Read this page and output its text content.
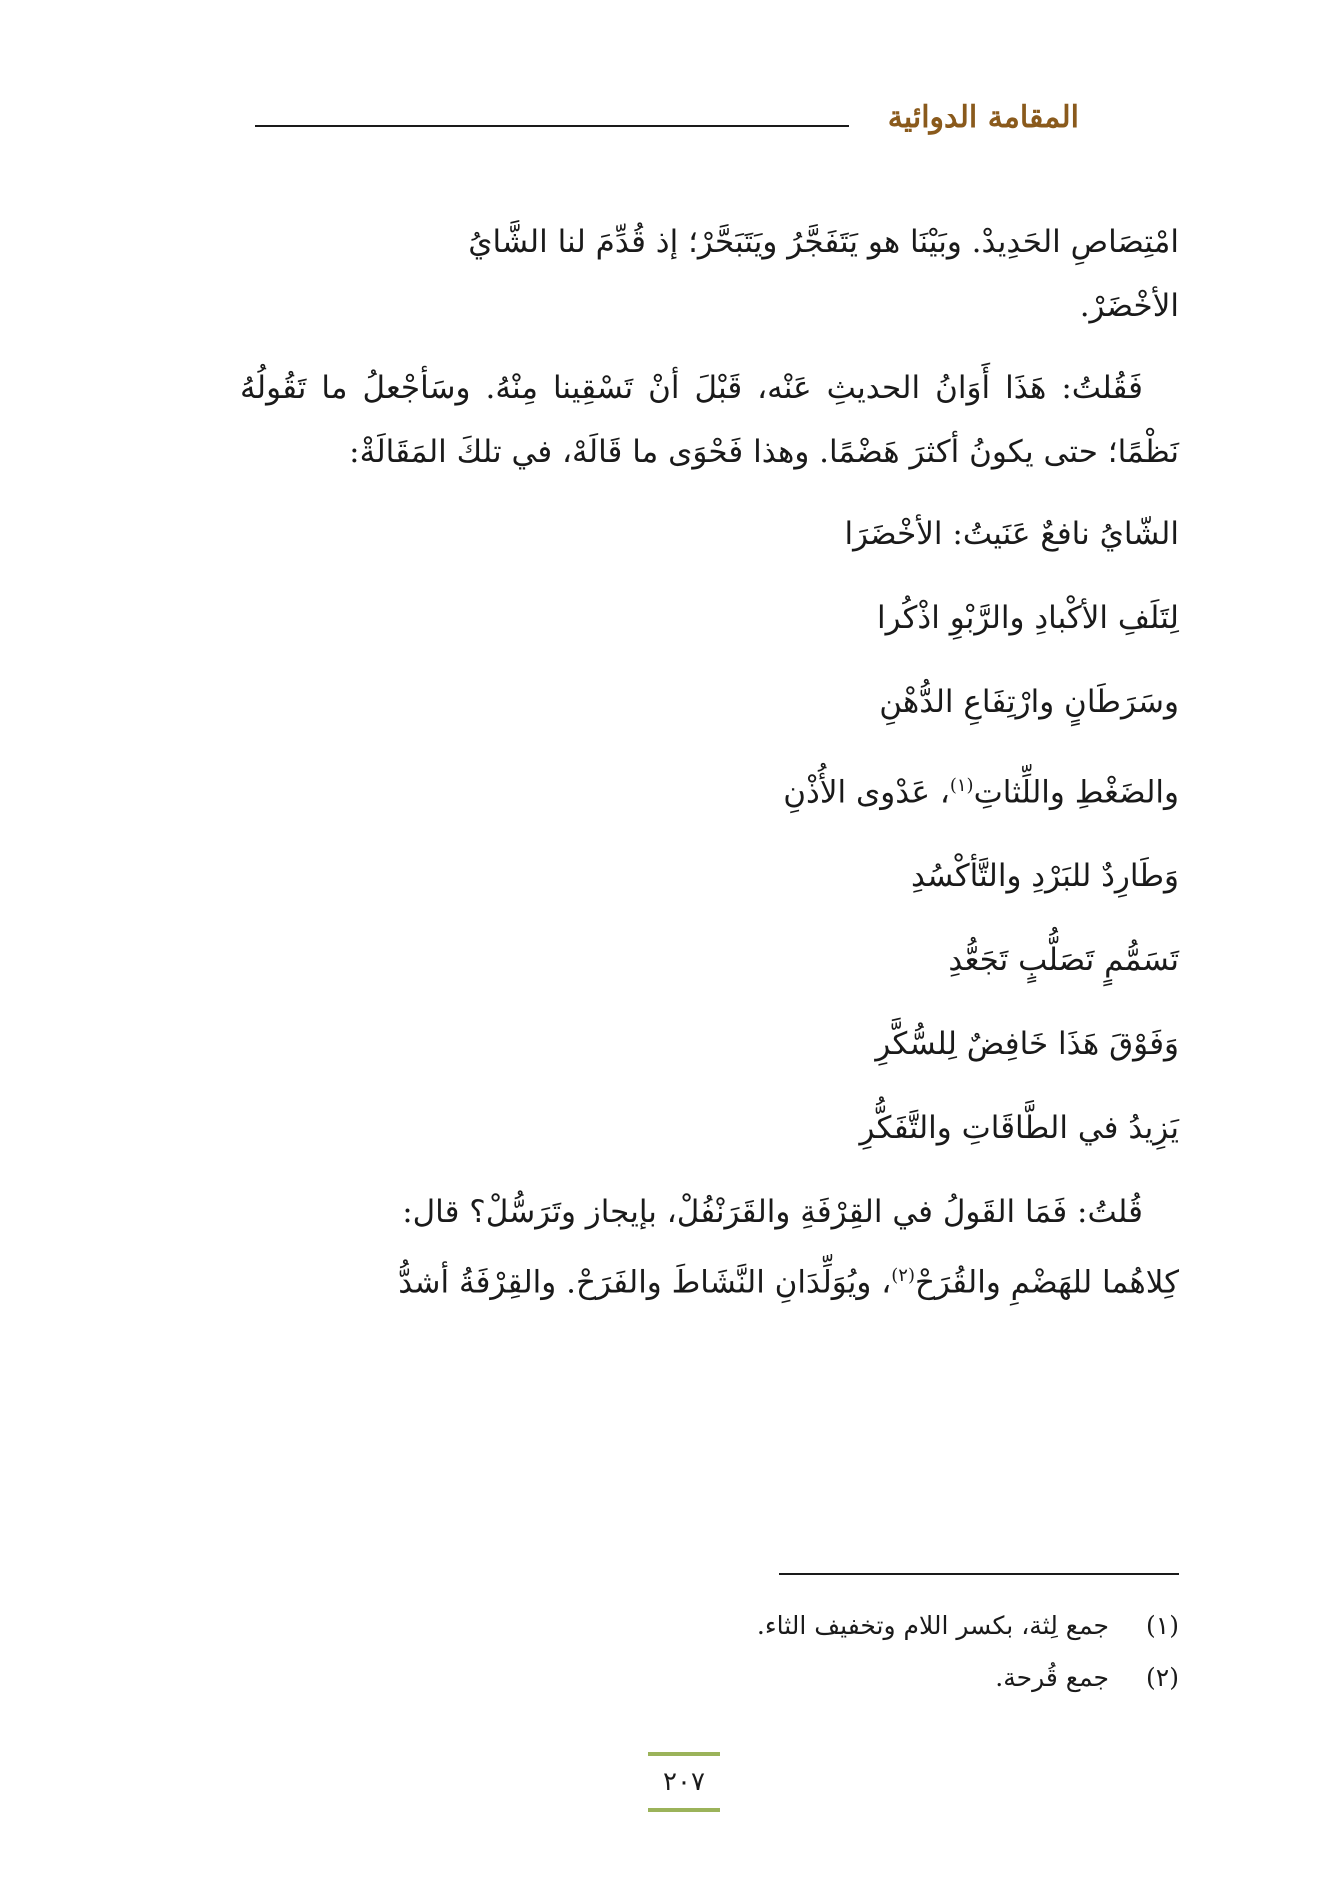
المقامة الدوائية

امْتِصَاصِ الحَدِيدْ. وبَيْنَا هو يَتَفَجَّرُ ويَتَبَحَّرْ؛ إذ قُدِّمَ لنا الشَّايُ
الأخْضَرْ.

فَقُلتُ: هَذَا أَوَانُ الحديثِ عَنْه، قَبْلَ أنْ تَسْقِينا مِنْهُ. وسَأجْعلُ ما تَقُولُهُ نَظْمًا؛ حتى يكونُ أكثرَ هَضْمًا. وهذا فَحْوَى ما قَالَهْ، في تلكَ المَقَالَةْ:

الشّايُ نافعٌ عَنَيتُ: الأخْضَرَا
لِتَلَفِ الأكْبادِ والرَّبْوِ اذْكُرا
وسَرَطَانٍ وارْتِفَاعِ الدُّهْنِ
والضَغْطِ واللِّثاتِ$^{(١)}$، عَدْوى الأُذْنِ
وَطَارِدٌ للبَرْدِ والتَّأكْسُدِ
تَسَمُّمٍ تَصَلُّبٍ تَجَعُّدِ
وَفَوْقَ هَذَا خَافِضٌ لِلسُّكَّرِ
يَزِيدُ في الطَّاقَاتِ والتَّفَكُّرِ

قُلتُ: فَمَا القَولُ في القِرْفَةِ والقَرَنْفُلْ، بإيجاز وتَرَسُّلْ؟ قال:
كِلاهُما للهَضْمِ والقُرَحْ$^{(٢)}$، ويُوَلِّدَانِ النَّشَاطَ والفَرَحْ. والقِرْفَةُ أشدُّ

(١)
جمع لِثة، بكسر اللام وتخفيف الثاء.
(٢)
جمع قُرحة.
٢٠٧
